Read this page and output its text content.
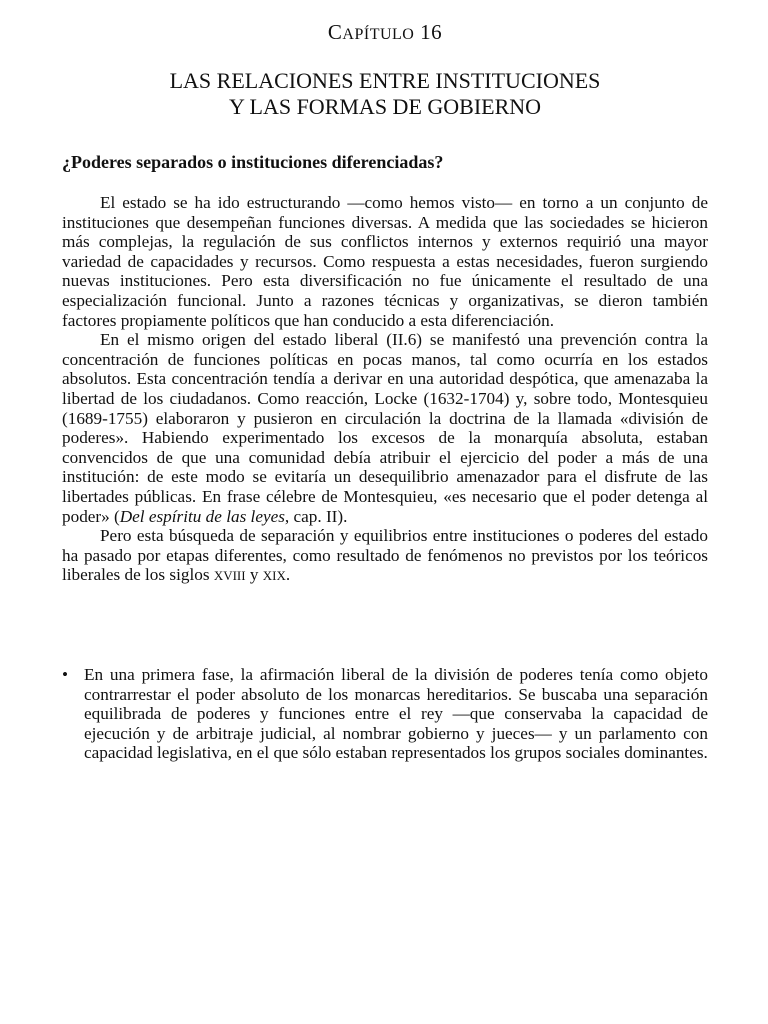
CAPÍTULO 16
LAS RELACIONES ENTRE INSTITUCIONES
Y LAS FORMAS DE GOBIERNO
¿Poderes separados o instituciones diferenciadas?

El estado se ha ido estructurando —como hemos visto— en torno a un conjunto de instituciones que desempeñan funciones diversas. A medida que las sociedades se hicieron más complejas, la regulación de sus conflictos internos y externos requirió una mayor variedad de capacidades y recursos. Como respuesta a estas necesidades, fueron surgiendo nuevas instituciones. Pero esta diversificación no fue únicamente el resultado de una especialización funcional. Junto a razones técnicas y organizativas, se dieron también factores propiamente políticos que han conducido a esta diferenciación.

En el mismo origen del estado liberal (II.6) se manifestó una prevención contra la concentración de funciones políticas en pocas manos, tal como ocurría en los estados absolutos. Esta concentración tendía a derivar en una autoridad despótica, que amenazaba la libertad de los ciudadanos. Como reacción, Locke (1632-1704) y, sobre todo, Montesquieu (1689-1755) elaboraron y pusieron en circulación la doctrina de la llamada «división de poderes». Habiendo experimentado los excesos de la monarquía absoluta, estaban convencidos de que una comunidad debía atribuir el ejercicio del poder a más de una institución: de este modo se evitaría un desequilibrio amenazador para el disfrute de las libertades públicas. En frase célebre de Montesquieu, «es necesario que el poder detenga al poder» (Del espíritu de las leyes, cap. II).

Pero esta búsqueda de separación y equilibrios entre instituciones o poderes del estado ha pasado por etapas diferentes, como resultado de fenómenos no previstos por los teóricos liberales de los siglos XVIII y XIX.

• En una primera fase, la afirmación liberal de la división de poderes tenía como objeto contrarrestar el poder absoluto de los monarcas hereditarios. Se buscaba una separación equilibrada de poderes y funciones entre el rey —que conservaba la capacidad de ejecución y de arbitraje judicial, al nombrar gobierno y jueces— y un parlamento con capacidad legislativa, en el que sólo estaban representados los grupos sociales dominantes.
